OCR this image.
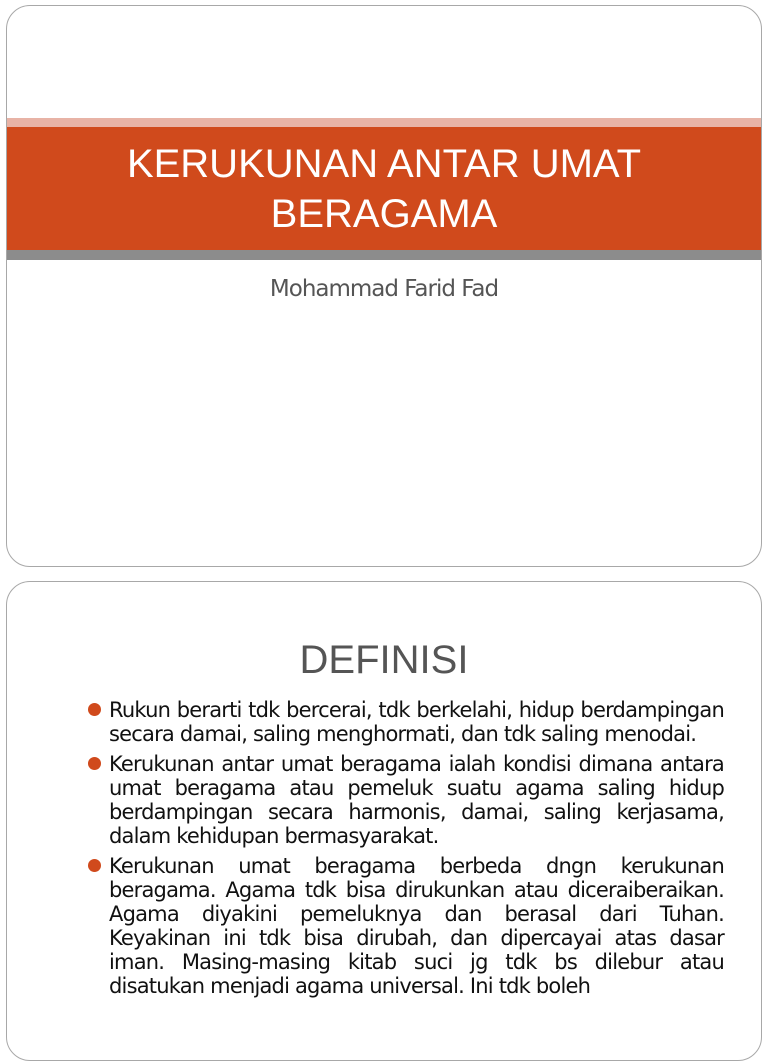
KERUKUNAN ANTAR UMAT BERAGAMA
Mohammad Farid Fad
DEFINISI
Rukun berarti tdk bercerai, tdk berkelahi, hidup berdampingan secara damai, saling menghormati, dan tdk saling menodai.
Kerukunan antar umat beragama ialah kondisi dimana antara umat beragama atau pemeluk suatu agama saling hidup berdampingan secara harmonis, damai, saling kerjasama, dalam kehidupan bermasyarakat.
Kerukunan umat beragama berbeda dngn kerukunan beragama. Agama tdk bisa dirukunkan atau diceraiberaikan. Agama diyakini pemeluknya dan berasal dari Tuhan. Keyakinan ini tdk bisa dirubah, dan dipercayai atas dasar iman. Masing-masing kitab suci jg tdk bs dilebur atau disatukan menjadi agama universal. Ini tdk boleh
